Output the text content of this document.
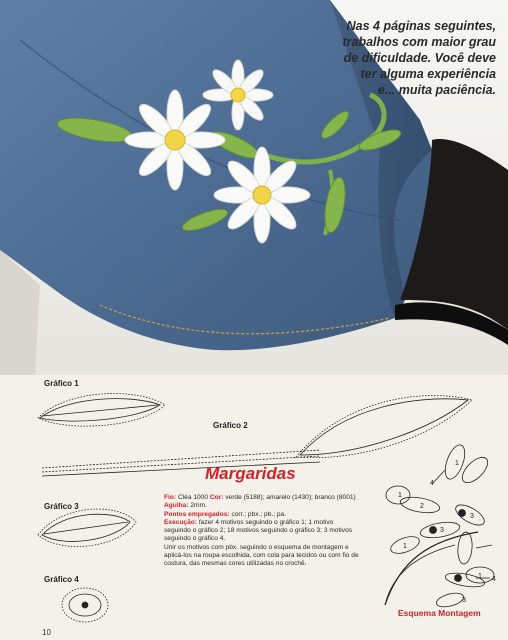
Nas 4 páginas seguintes,
trabalhos com maior grau
de dificuldade. Você deve
ter alguma experiência
e... muita paciência.
1
1
1
1
2
3
3
3
4
4
Gráfico 1
Gráfico 2
Gráfico 3
Gráfico 4
Margaridas

Fio: Cléa 1000 Cor: verde (5188); amarelo (1430); branco (8001) Agulha: 2mm.

Pontos empregados: corr.; pbx.; pb.; pa.

Execução: fazer 4 motivos seguindo o gráfico 1; 1 motivo seguindo o gráfico 2; 18 motivos seguindo o gráfico 3; 3 motivos seguindo o gráfico 4.

Unir os motivos com pbx. seguindo o esquema de montagem e aplicá-los na roupa escolhida, com cola para tecidos ou com fio de costura, das mesmas cores utilizadas no crochê.

Esquema Montagem
10
